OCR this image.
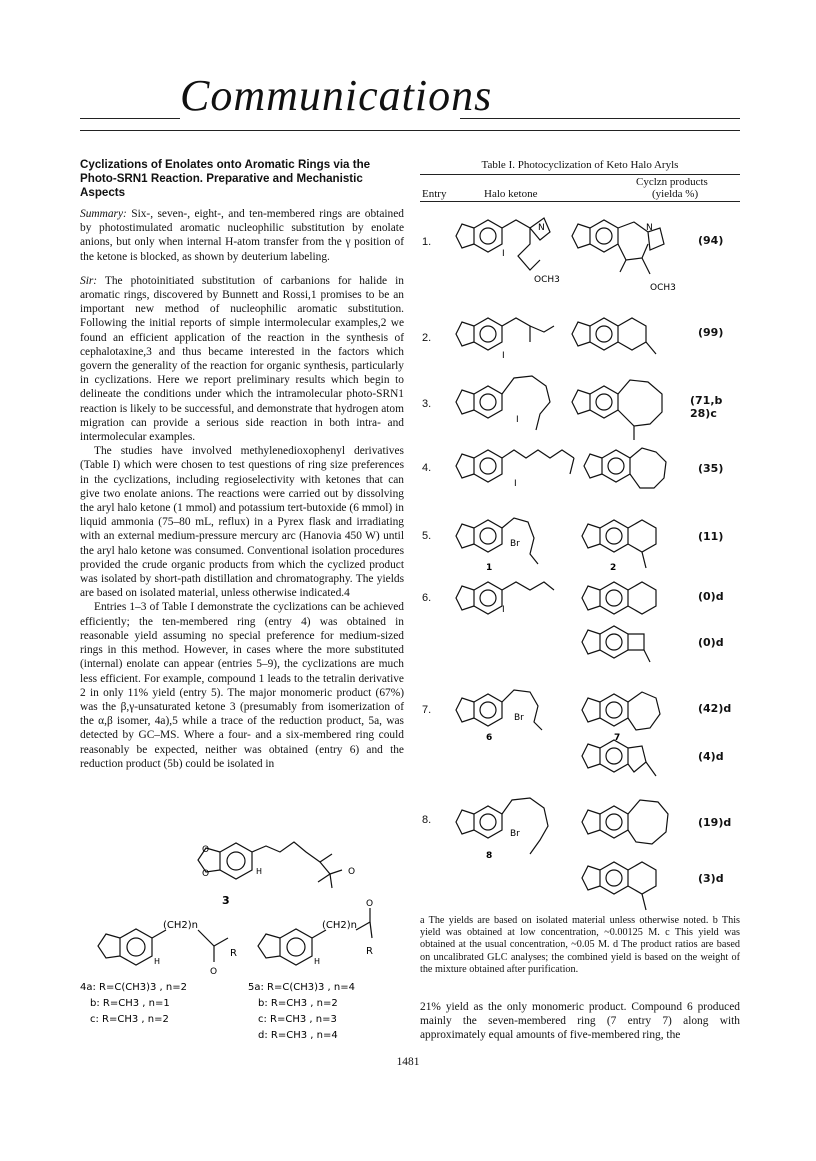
Communications
Cyclizations of Enolates onto Aromatic Rings via the Photo-SRN1 Reaction. Preparative and Mechanistic Aspects
Summary: Six-, seven-, eight-, and ten-membered rings are obtained by photostimulated aromatic nucleophilic substitution by enolate anions, but only when internal H-atom transfer from the γ position of the ketone is blocked, as shown by deuterium labeling.
Sir: The photoinitiated substitution of carbanions for halide in aromatic rings, discovered by Bunnett and Rossi,1 promises to be an important new method of nucleophilic aromatic substitution. Following the initial reports of simple intermolecular examples,2 we found an efficient application of the reaction in the synthesis of cephalotaxine,3 and thus became interested in the factors which govern the generality of the reaction for organic synthesis, particularly in cyclizations. Here we report preliminary results which begin to delineate the conditions under which the intramolecular photo-SRN1 reaction is likely to be successful, and demonstrate that hydrogen atom migration can provide a serious side reaction in both intra- and intermolecular examples.
The studies have involved methylenedioxophenyl derivatives (Table I) which were chosen to test questions of ring size preferences in the cyclizations, including regioselectivity with ketones that can give two enolate anions. The reactions were carried out by dissolving the aryl halo ketone (1 mmol) and potassium tert-butoxide (6 mmol) in liquid ammonia (75–80 mL, reflux) in a Pyrex flask and irradiating with an external medium-pressure mercury arc (Hanovia 450 W) until the aryl halo ketone was consumed. Conventional isolation procedures provided the crude organic products from which the cyclized product was isolated by short-path distillation and chromatography. The yields are based on isolated material, unless otherwise indicated.4
Entries 1–3 of Table I demonstrate the cyclizations can be achieved efficiently; the ten-membered ring (entry 4) was obtained in reasonable yield assuming no special preference for medium-sized rings in this method. However, in cases where the more substituted (internal) enolate can appear (entries 5–9), the cyclizations are much less efficient. For example, compound 1 leads to the tetralin derivative 2 in only 11% yield (entry 5). The major monomeric product (67%) was the β,γ-unsaturated ketone 3 (presumably from isomerization of the α,β isomer, 4a),5 while a trace of the reduction product, 5a, was detected by GC–MS. Where a four- and a six-membered ring could reasonably be expected, neither was obtained (entry 6) and the reduction product (5b) could be isolated in
O
O	O
H
3
(CH2)n
R
O
H
(CH2)n
R
O
H
4a: R=C(CH3)3 , n=2
b: R=CH3 , n=1
c: R=CH3 , n=2
5a: R=C(CH3)3 , n=4
b: R=CH3 , n=2
c: R=CH3 , n=3
d: R=CH3 , n=4
Table I. Photocyclization of Keto Halo Aryls
Entry	Halo ketone
Cyclzn products
(yielda %)
1.	(94)
2.	(99)
3.	(71,b 28)c
4.	(35)
5.	(11)
6.	(0)d
(0)d
7.	(42)d
(4)d
8.	(19)d
(3)d
I
OCH3
OCH3
N	N
I
I
I
Br
1	2
I
Br
6	7
Br
8
a The yields are based on isolated material unless otherwise noted. b This yield was obtained at low concentration, ~0.00125 M. c This yield was obtained at the usual concentration, ~0.05 M. d The product ratios are based on uncalibrated GLC analyses; the combined yield is based on the weight of the mixture obtained after purification.
21% yield as the only monomeric product. Compound 6 produced mainly the seven-membered ring (7 entry 7) along with approximately equal amounts of five-membered ring, the
1481
